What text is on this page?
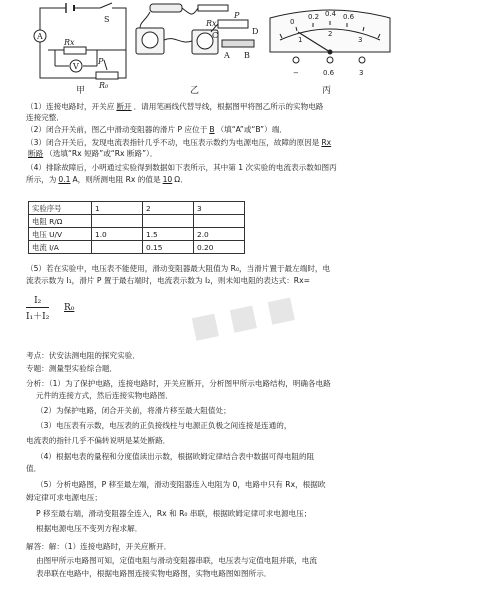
A
V
S
Rx
P
R₀
Rx
P
C
A B
D
0
0.2 0.4 0.6
1
2
3
−	0.6	3
甲	乙	丙
■ ■ ■
（1）连接电路时，开关应 断开 ．请用笔画线代替导线，根据图甲将图乙所示的实物电路
连接完整．
（2）闭合开关前，图乙中滑动变阻器的滑片 P 应位于 B （填“A”或“B”）端．
（3）闭合开关后，发现电流表指针几乎不动，电压表示数约为电源电压，故障的原因是 Rx
断路 （选填“Rx 短路”或“Rx 断路”）．
（4）排除故障后，小明通过实验得到数据如下表所示，其中第 1 次实验的电流表示数如图丙
所示，为 0.1 A，则所测电阻 Rx 的值是 10 Ω．
实验序号	1	2	3
电阻 R/Ω			
电压 U/V	1.0	1.5	2.0
电流 I/A		0.15	0.20
（5）若在实验中，电压表不能使用，滑动变阻器最大阻值为 R₀，当滑片置于最左端时，电
流表示数为 I₁，滑片 P 置于最右端时，电流表示数为 I₂，则未知电阻的表达式：Rx=
I₂
I₁＋I₂
R₀
考点：伏安法测电阻的探究实验．
专题：测量型实验综合题．
分析：（1）为了保护电路，连接电路时，开关应断开，分析图甲所示电路结构，明确各电路
元件的连接方式，然后连接实物电路图．
（2）为保护电路，闭合开关前，将滑片移至最大阻值处；
（3）电压表有示数，电压表的正负接线柱与电源正负极之间连接是连通的，
电流表的指针几乎不偏转说明是某处断路．
（4）根据电表的量程和分度值读出示数，根据欧姆定律结合表中数据可得电阻的阻
值．
（5）分析电路图，P 移至最左端，滑动变阻器连入电阻为 0，电路中只有 Rx，根据欧
姆定律可求电源电压；
P 移至最右端，滑动变阻器全连入，Rx 和 R₀ 串联，根据欧姆定律可求电源电压；
根据电源电压不变列方程求解．
解答：解：（1）连接电路时，开关应断开．
由图甲所示电路图可知，定值电阻与滑动变阻器串联，电压表与定值电阻并联，电流
表串联在电路中，根据电路图连接实物电路图，实物电路图如图所示．
